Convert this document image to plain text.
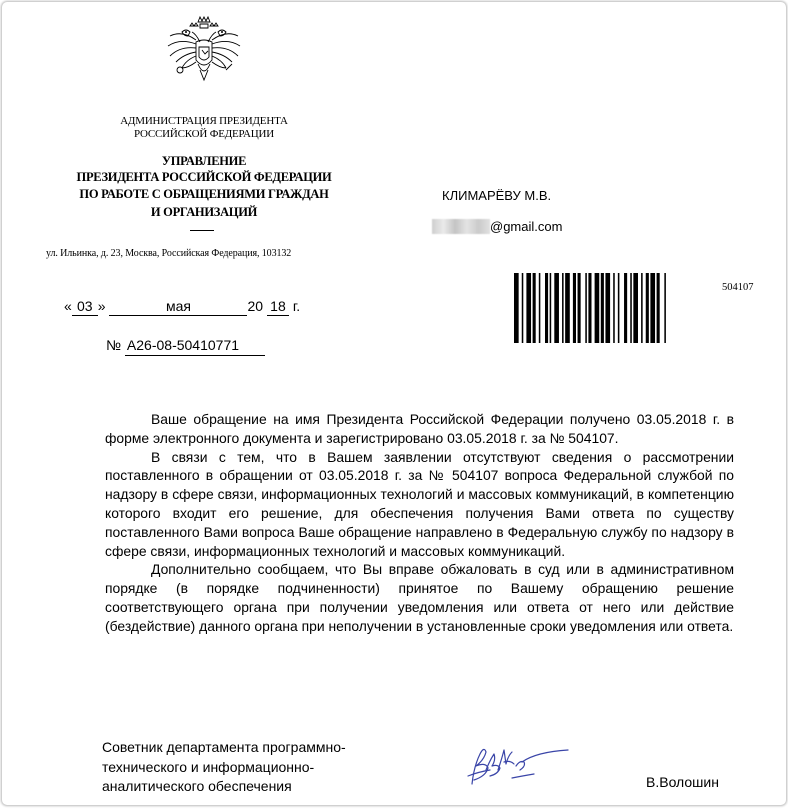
АДМИНИСТРАЦИЯ ПРЕЗИДЕНТА
РОССИЙСКОЙ ФЕДЕРАЦИИ
УПРАВЛЕНИЕ
ПРЕЗИДЕНТА РОССИЙСКОЙ ФЕДЕРАЦИИ
ПО РАБОТЕ С ОБРАЩЕНИЯМИ ГРАЖДАН
И ОРГАНИЗАЦИЙ
ул. Ильинка, д. 23, Москва, Российская Федерация, 103132
КЛИМАРЁВУ М.В.
@gmail.com
504107
« 03 »	мая	20 18 г.
№ А26-08-50410771

Ваше обращение на имя Президента Российской Федерации получено 03.05.2018 г. в форме электронного документа и зарегистрировано 03.05.2018 г. за № 504107.

В связи с тем, что в Вашем заявлении отсутствуют сведения о рассмотрении поставленного в обращении от 03.05.2018 г. за № 504107 вопроса Федеральной службой по надзору в сфере связи, информационных технологий и массовых коммуникаций, в компетенцию которого входит его решение, для обеспечения получения Вами ответа по существу поставленного Вами вопроса Ваше обращение направлено в Федеральную службу по надзору в сфере связи, информационных технологий и массовых коммуникаций.

Дополнительно сообщаем, что Вы вправе обжаловать в суд или в административном порядке (в порядке подчиненности) принятое по Вашему обращению решение соответствующего органа при получении уведомления или ответа от него или действие (бездействие) данного органа при неполучении в установленные сроки уведомления или ответа.

Советник департамента программно-
технического и информационно-
аналитического обеспечения	В.Волошин
